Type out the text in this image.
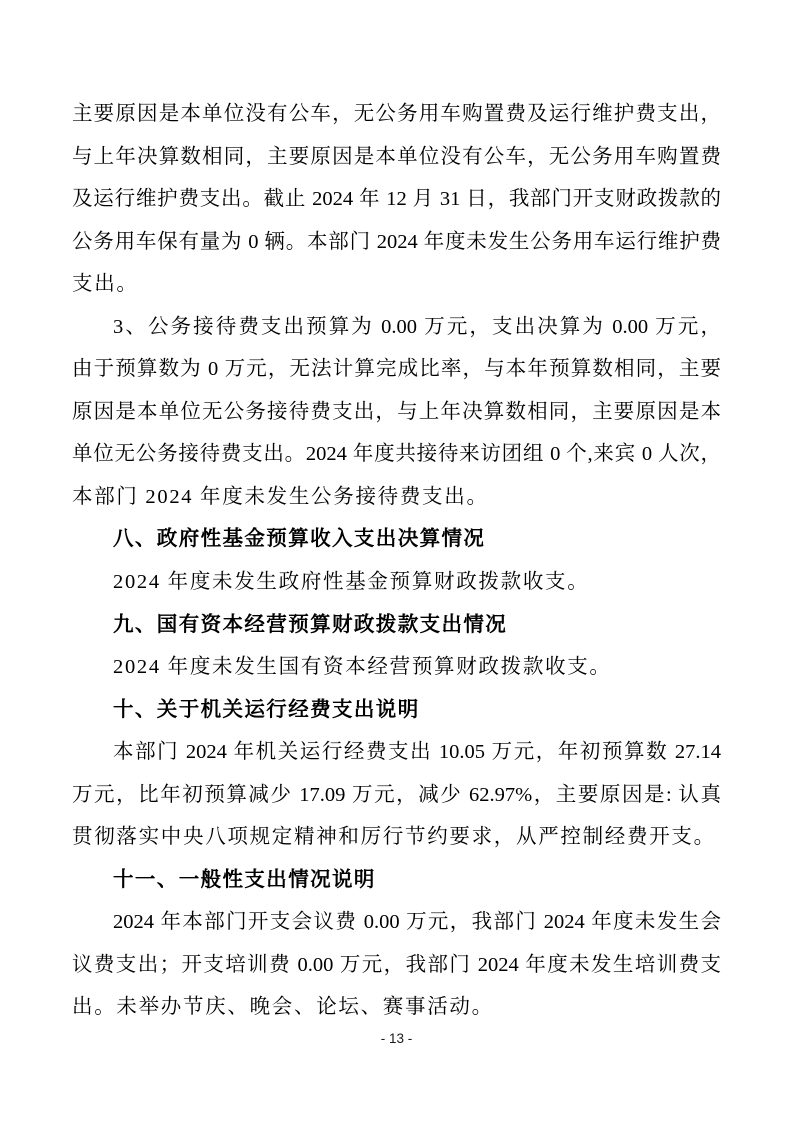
主要原因是本单位没有公车，无公务用车购置费及运行维护费支出，
与上年决算数相同，主要原因是本单位没有公车，无公务用车购置费
及运行维护费支出。截止 2024 年 12 月 31 日，我部门开支财政拨款的
公务用车保有量为 0 辆。本部门 2024 年度未发生公务用车运行维护费
支出。
3、公务接待费支出预算为 0.00 万元，支出决算为 0.00 万元，
由于预算数为 0 万元，无法计算完成比率，与本年预算数相同，主要
原因是本单位无公务接待费支出，与上年决算数相同，主要原因是本
单位无公务接待费支出。2024 年度共接待来访团组 0 个,来宾 0 人次，
本部门 2024 年度未发生公务接待费支出。
八、政府性基金预算收入支出决算情况
2024 年度未发生政府性基金预算财政拨款收支。
九、国有资本经营预算财政拨款支出情况
2024 年度未发生国有资本经营预算财政拨款收支。
十、关于机关运行经费支出说明
本部门 2024 年机关运行经费支出 10.05 万元，年初预算数 27.14
万元，比年初预算减少 17.09 万元，减少 62.97%，主要原因是: 认真
贯彻落实中央八项规定精神和厉行节约要求，从严控制经费开支。
十一、一般性支出情况说明
2024 年本部门开支会议费 0.00 万元，我部门 2024 年度未发生会
议费支出；开支培训费 0.00 万元，我部门 2024 年度未发生培训费支
出。未举办节庆、晚会、论坛、赛事活动。
- 13 -
